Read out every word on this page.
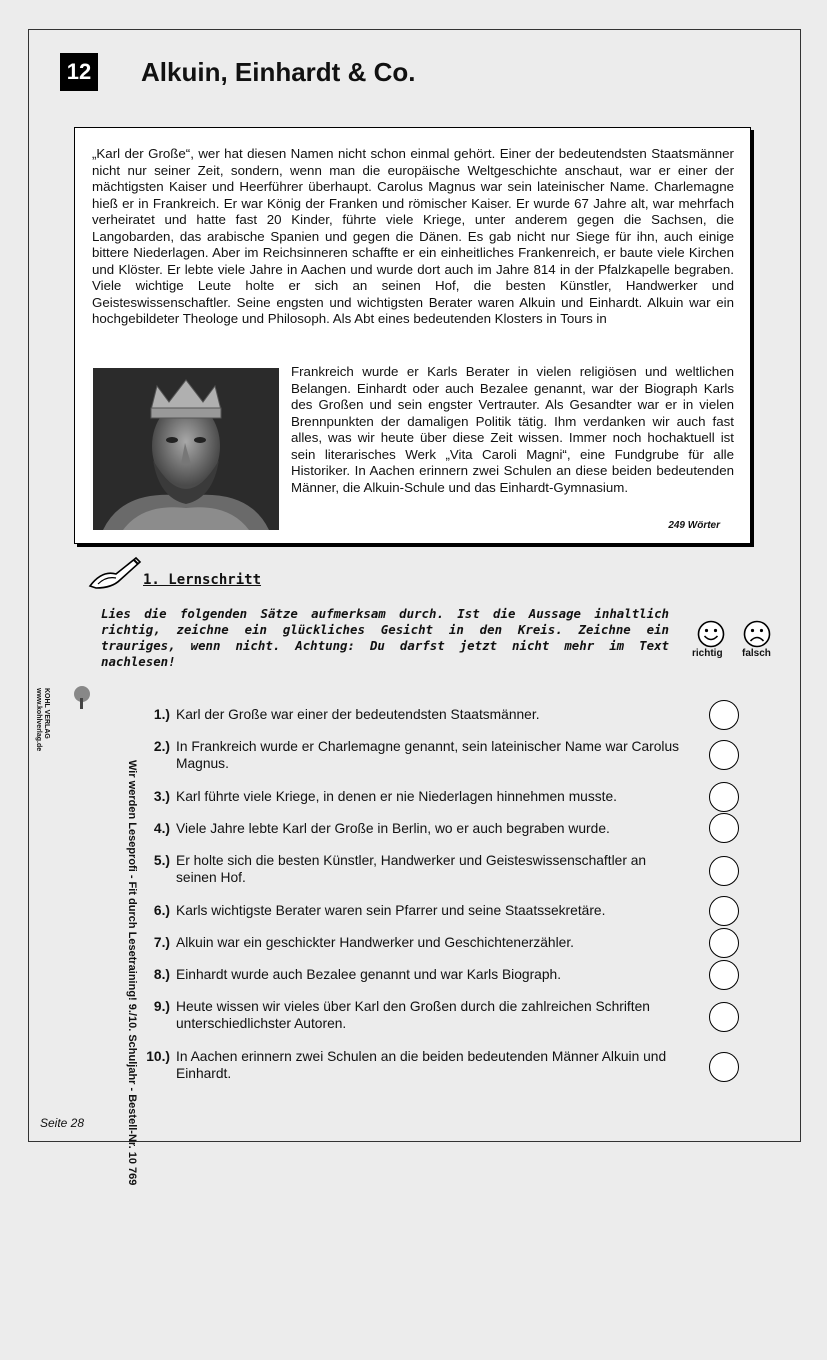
12 Alkuin, Einhardt & Co.
„Karl der Große“, wer hat diesen Namen nicht schon einmal gehört. Einer der bedeutendsten Staatsmänner nicht nur seiner Zeit, sondern, wenn man die europäische Weltgeschichte anschaut, war er einer der mächtigsten Kaiser und Heerführer überhaupt. Carolus Magnus war sein lateinischer Name. Charlemagne hieß er in Frankreich. Er war König der Franken und römischer Kaiser. Er wurde 67 Jahre alt, war mehrfach verheiratet und hatte fast 20 Kinder, führte viele Kriege, unter anderem gegen die Sachsen, die Langobarden, das arabische Spanien und gegen die Dänen. Es gab nicht nur Siege für ihn, auch einige bittere Niederlagen. Aber im Reichsinneren schaffte er ein einheitliches Frankenreich, er baute viele Kirchen und Klöster. Er lebte viele Jahre in Aachen und wurde dort auch im Jahre 814 in der Pfalzkapelle begraben. Viele wichtige Leute holte er sich an seinen Hof, die besten Künstler, Handwerker und Geisteswissenschaftler. Seine engsten und wichtigsten Berater waren Alkuin und Einhardt. Alkuin war ein hochgebildeter Theologe und Philosoph. Als Abt eines bedeutenden Klosters in Tours in
Frankreich wurde er Karls Berater in vielen religiösen und weltlichen Belangen. Einhardt oder auch Bezalee genannt, war der Biograph Karls des Großen und sein engster Vertrauter. Als Gesandter war er in vielen Brennpunkten der damaligen Politik tätig. Ihm verdanken wir auch fast alles, was wir heute über diese Zeit wissen. Immer noch hochaktuell ist sein literarisches Werk „Vita Caroli Magni“, eine Fundgrube für alle Historiker. In Aachen erinnern zwei Schulen an diese beiden bedeutenden Männer, die Alkuin-Schule und das Einhardt-Gymnasium.
249 Wörter
1. Lernschritt
Lies die folgenden Sätze aufmerksam durch. Ist die Aussage inhaltlich richtig, zeichne ein glückliches Gesicht in den Kreis. Zeichne ein trauriges, wenn nicht. Achtung: Du darfst jetzt nicht mehr im Text nachlesen!
richtig falsch
KOHL VERLAG
www.kohlverlag.de
Wir werden Leseprofi - Fit durch Lesetraining! 9./10. Schuljahr - Bestell-Nr. 10 769
1.) Karl der Große war einer der bedeutendsten Staatsmänner.
2.) In Frankreich wurde er Charlemagne genannt, sein lateinischer Name war Carolus Magnus.
3.) Karl führte viele Kriege, in denen er nie Niederlagen hinnehmen musste.
4.) Viele Jahre lebte Karl der Große in Berlin, wo er auch begraben wurde.
5.) Er holte sich die besten Künstler, Handwerker und Geisteswissenschaftler an seinen Hof.
6.) Karls wichtigste Berater waren sein Pfarrer und seine Staatssekretäre.
7.) Alkuin war ein geschickter Handwerker und Geschichtenerzähler.
8.) Einhardt wurde auch Bezalee genannt und war Karls Biograph.
9.) Heute wissen wir vieles über Karl den Großen durch die zahlreichen Schriften unterschiedlichster Autoren.
10.) In Aachen erinnern zwei Schulen an die beiden bedeutenden Männer Alkuin und Einhardt.
Seite 28
